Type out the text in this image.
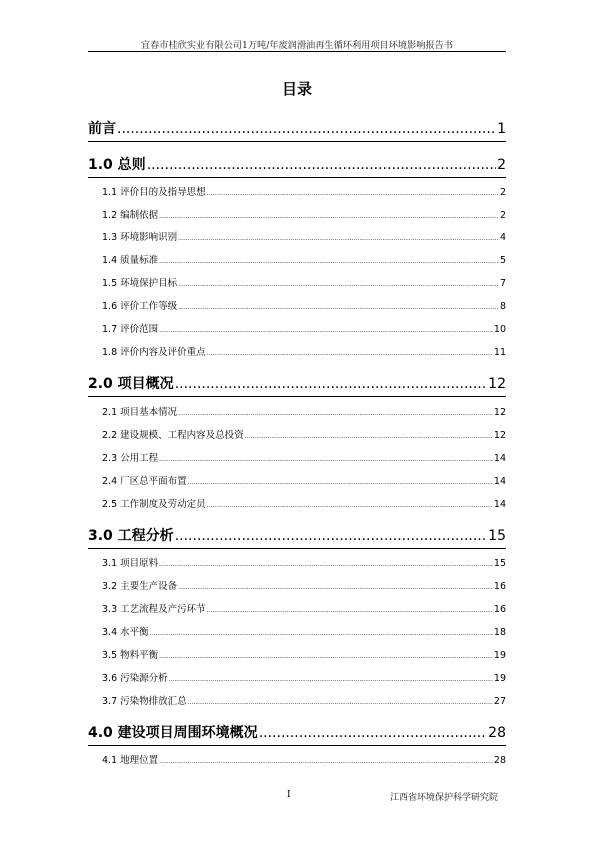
宜春市桂欣实业有限公司1万吨/年废润滑油再生循环利用项目环境影响报告书
目录
前言 .....	1
1.0 总则 .....	2
1.1 评价目的及指导思想 .....	2
1.2 编制依据 .....	2
1.3 环境影响识别 .....	4
1.4 质量标准 .....	5
1.5 环境保护目标 .....	7
1.6 评价工作等级 .....	8
1.7 评价范围 .....	10
1.8 评价内容及评价重点 .....	11
2.0 项目概况 .....	12
2.1 项目基本情况 .....	12
2.2 建设规模、工程内容及总投资 .....	12
2.3 公用工程 .....	14
2.4 厂区总平面布置 .....	14
2.5 工作制度及劳动定员 .....	14
3.0 工程分析 .....	15
3.1 项目原料 .....	15
3.2 主要生产设备 .....	16
3.3 工艺流程及产污环节 .....	16
3.4 水平衡 .....	18
3.5 物料平衡 .....	19
3.6 污染源分析 .....	19
3.7 污染物排放汇总 .....	27
4.0 建设项目周围环境概况 .....	28
4.1 地理位置 .....	28
I	江西省环境保护科学研究院
